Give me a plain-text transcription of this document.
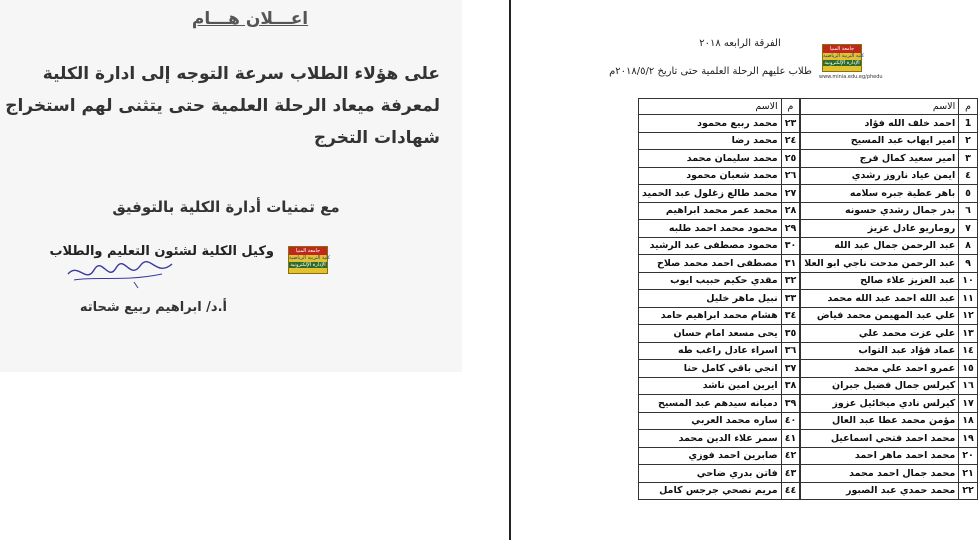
اعـــلان هـــام
على هؤلاء الطلاب سرعة التوجه إلى ادارة الكلية
لمعرفة ميعاد الرحلة العلمية حتى يتثنى لهم استخراج
شهادات التخرج
مع تمنيات أدارة الكلية بالتوفيق
جامعة المنيا
كلية التربية الرياضية
الإدارة الإلكترونية
وكيل الكلية لشئون التعليم والطلاب
أ.د/ ابراهيم ربيع شحاته
الفرقة الرابعه ٢٠١٨	جامعة المنيا
كلية التربية الرياضية
الإدارة الإلكترونية
www.minia.edu.eg/phedu
طلاب عليهم الرحلة العلمية حتى تاريخ ٢٠١٨/٥/٢م
م	الاسم		م	الاسم
1	احمد خلف الله فؤاد		٢٣	محمد ربيع محمود
٢	امير ايهاب عبد المسيح		٢٤	محمد رضا
٣	امير سعيد كمال فرج		٢٥	محمد سليمان محمد
٤	ايمن عياد ناروز رشدي		٢٦	محمد شعبان محمود
٥	باهر عطية جبره سلامه		٢٧	محمد طالع زغلول عبد الحميد
٦	بدر جمال رشدي حسونه		٢٨	محمد عمر محمد ابراهيم
٧	روماريو عادل عزيز		٢٩	محمود محمد احمد طلبه
٨	عبد الرحمن جمال عبد الله		٣٠	محمود مصطفى عبد الرشيد
٩	عبد الرحمن مدحت ناجي ابو العلا		٣١	مصطفى احمد محمد صلاح
١٠	عبد العزيز علاء صالح		٣٢	مقدي حكيم حبيب ايوب
١١	عبد الله احمد عبد الله محمد		٣٣	نبيل ماهر خليل
١٢	علي عبد المهيمن محمد فياض		٣٤	هشام محمد ابراهيم حامد
١٣	علي عزت محمد علي		٣٥	يحى مسعد امام حسان
١٤	عماد فؤاد عبد التواب		٣٦	اسراء عادل راغب طه
١٥	عمرو احمد علي محمد		٣٧	انجي باقي كامل حنا
١٦	كيرلس جمال فضيل جبران		٣٨	ايرين امين ناشد
١٧	كيرلس نادي ميخائيل عزوز		٣٩	دميانه سيدهم عبد المسيح
١٨	مؤمن محمد عطا عبد العال		٤٠	ساره محمد العربي
١٩	محمد احمد فتحي اسماعيل		٤١	سمر علاء الدين محمد
٢٠	محمد احمد ماهر احمد		٤٢	صابرين احمد فوزي
٢١	محمد جمال احمد محمد		٤٣	فاتن بدري ضاحي
٢٢	محمد حمدي عبد الصبور		٤٤	مريم نصحي جرجس كامل
